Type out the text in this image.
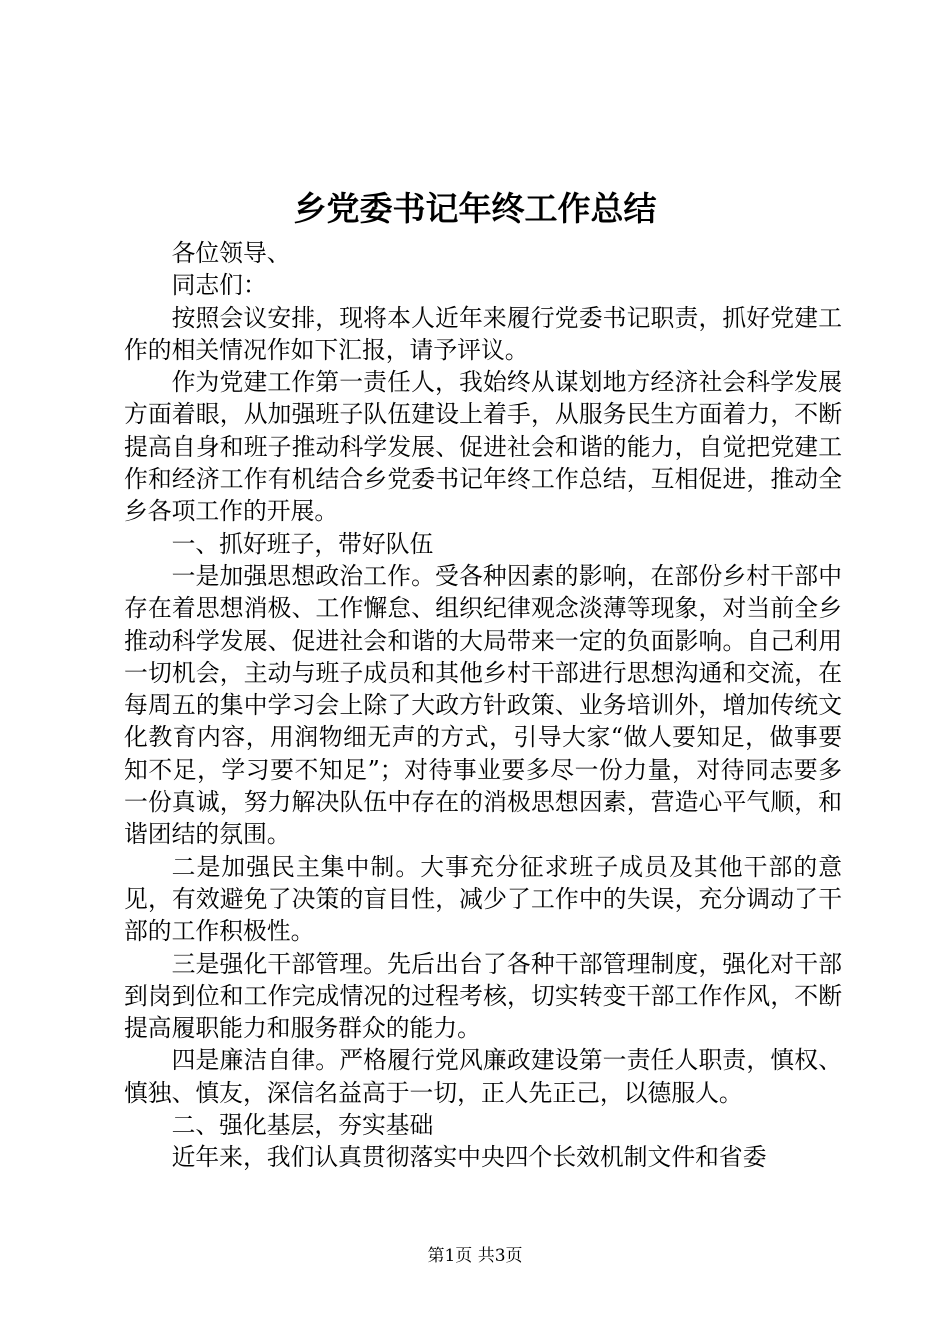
乡党委书记年终工作总结

各位领导、

同志们：

按照会议安排，现将本人近年来履行党委书记职责，抓好党建工作的相关情况作如下汇报，请予评议。

作为党建工作第一责任人，我始终从谋划地方经济社会科学发展方面着眼，从加强班子队伍建设上着手，从服务民生方面着力，不断提高自身和班子推动科学发展、促进社会和谐的能力，自觉把党建工作和经济工作有机结合乡党委书记年终工作总结，互相促进，推动全乡各项工作的开展。

一、抓好班子，带好队伍

一是加强思想政治工作。受各种因素的影响，在部份乡村干部中存在着思想消极、工作懈怠、组织纪律观念淡薄等现象，对当前全乡推动科学发展、促进社会和谐的大局带来一定的负面影响。自己利用一切机会，主动与班子成员和其他乡村干部进行思想沟通和交流，在每周五的集中学习会上除了大政方针政策、业务培训外，增加传统文化教育内容，用润物细无声的方式，引导大家“做人要知足，做事要知不足，学习要不知足”；对待事业要多尽一份力量，对待同志要多一份真诚，努力解决队伍中存在的消极思想因素，营造心平气顺，和谐团结的氛围。

二是加强民主集中制。大事充分征求班子成员及其他干部的意见，有效避免了决策的盲目性，减少了工作中的失误，充分调动了干部的工作积极性。

三是强化干部管理。先后出台了各种干部管理制度，强化对干部到岗到位和工作完成情况的过程考核，切实转变干部工作作风，不断提高履职能力和服务群众的能力。

四是廉洁自律。严格履行党风廉政建设第一责任人职责，慎权、慎独、慎友，深信名益高于一切，正人先正己，以德服人。

二、强化基层，夯实基础

近年来，我们认真贯彻落实中央四个长效机制文件和省委

第1页 共3页
